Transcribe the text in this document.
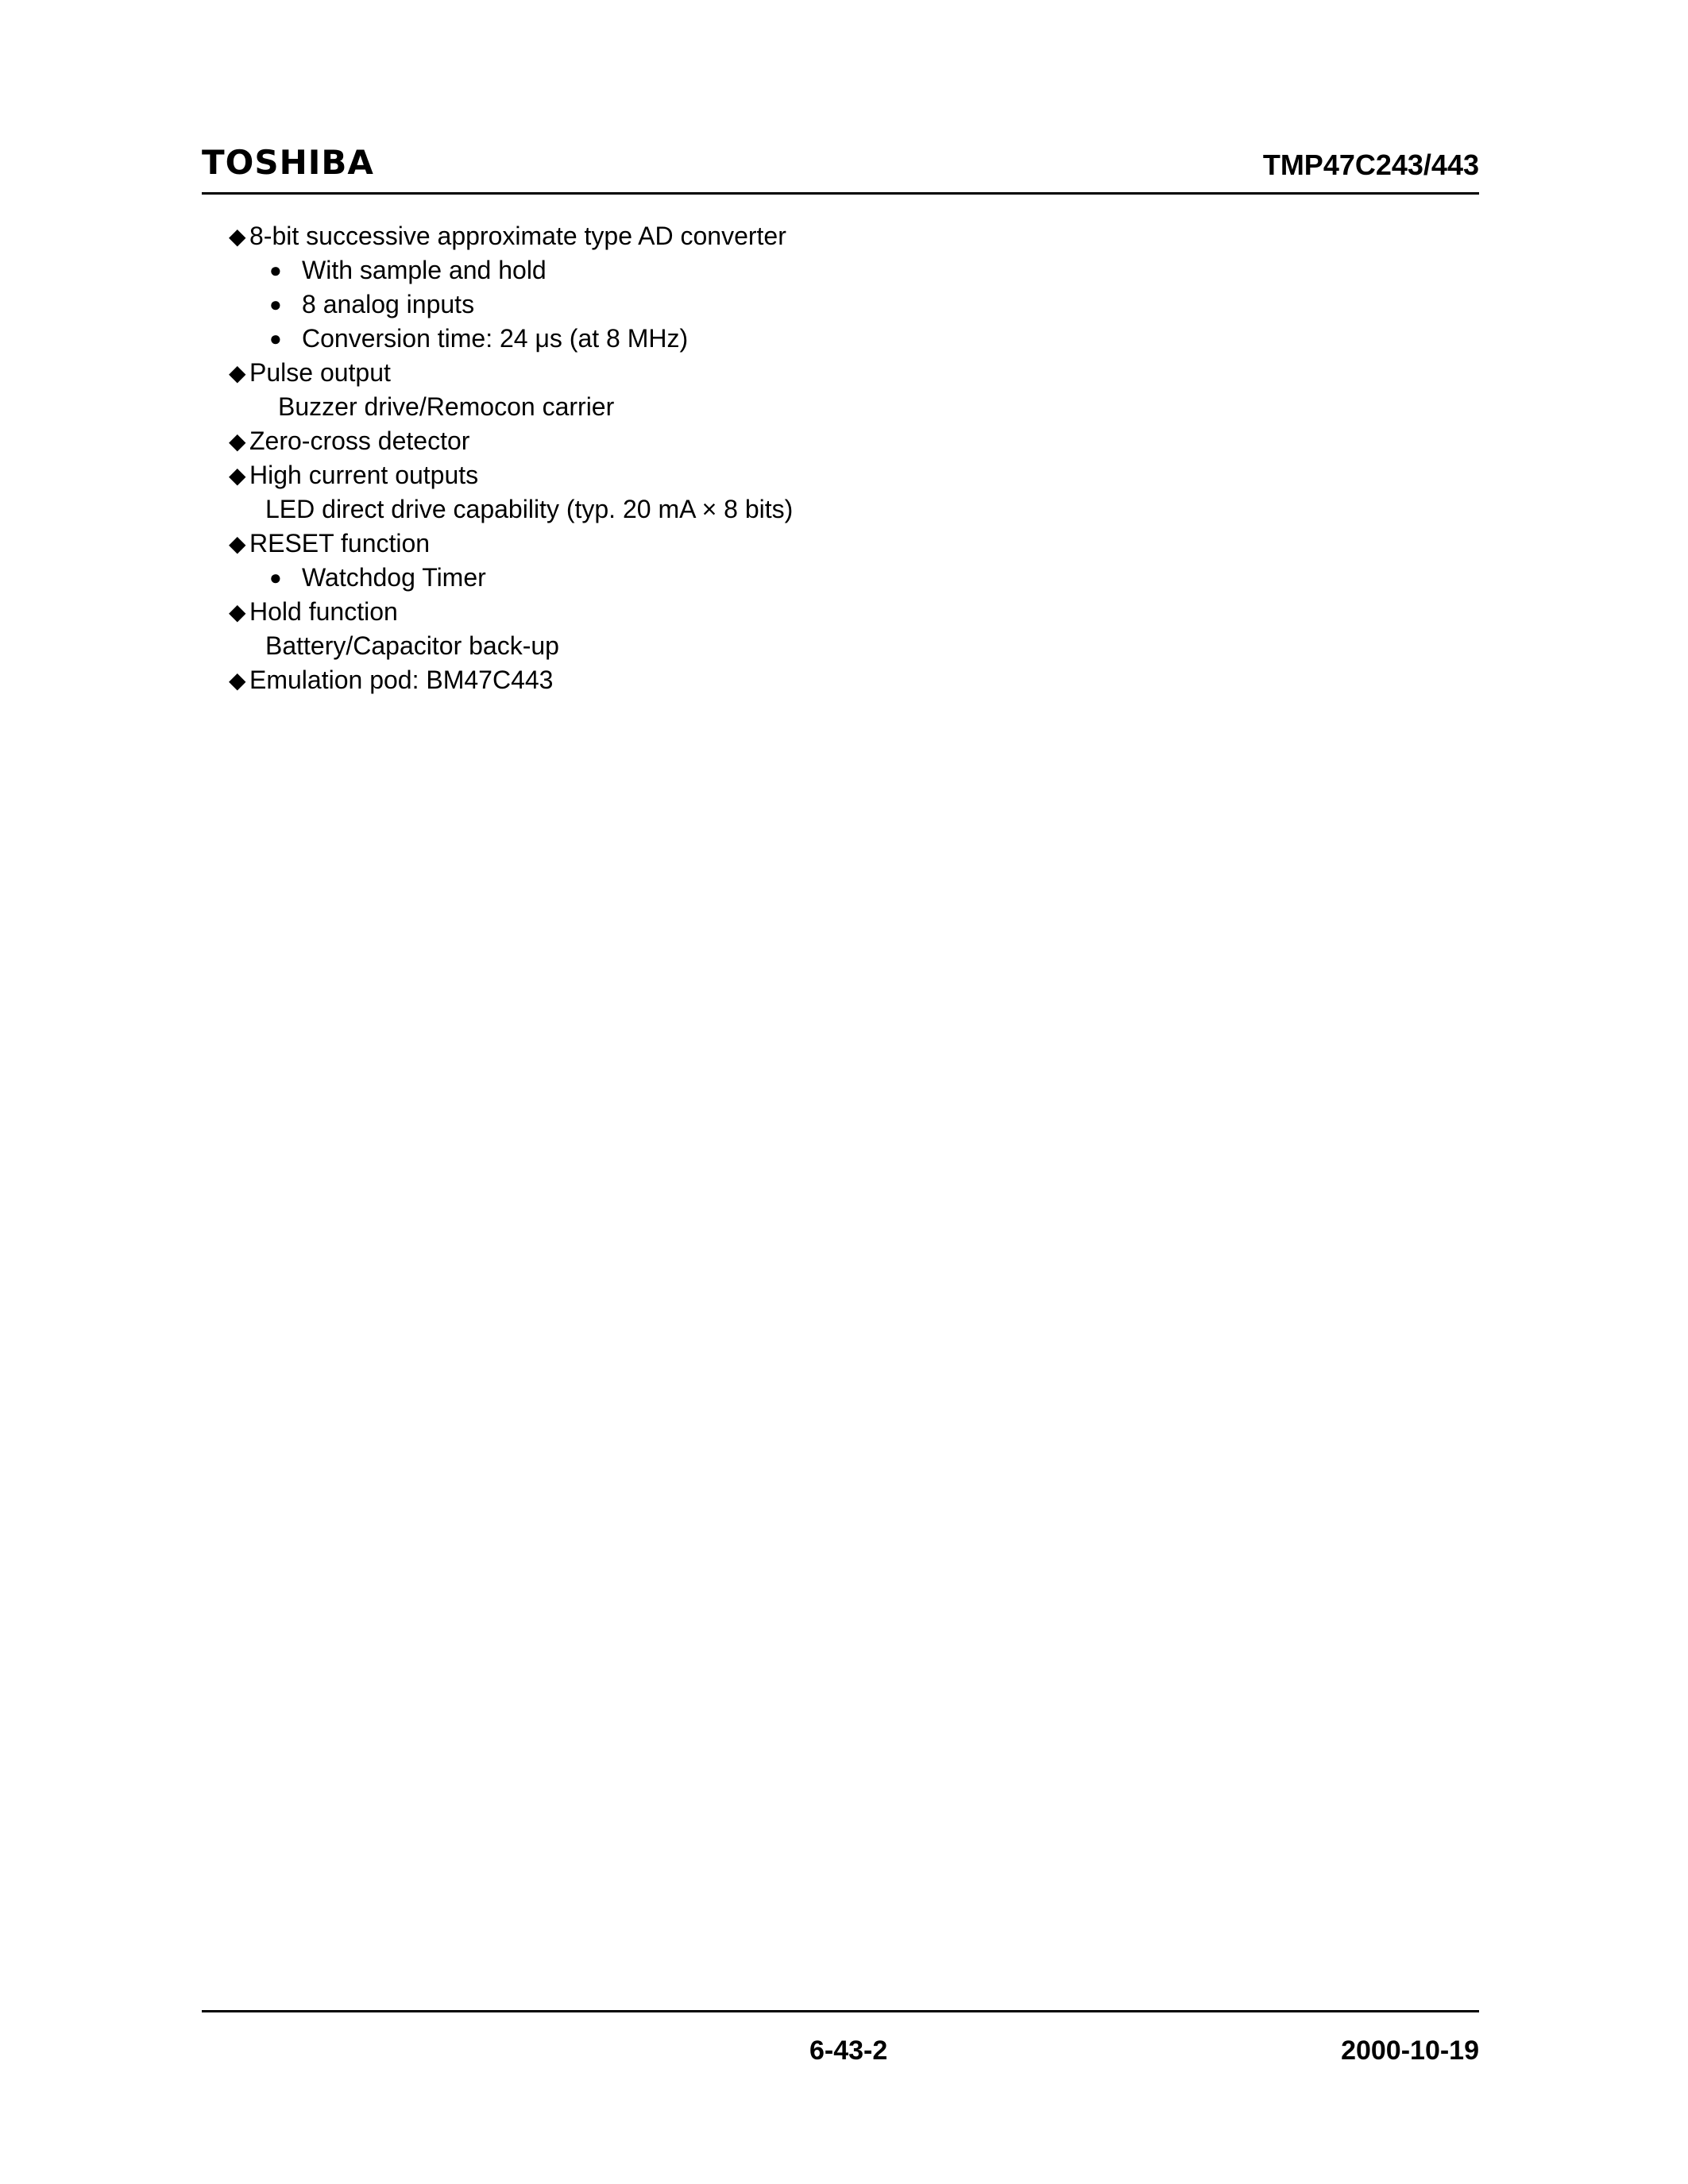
TOSHIBA	TMP47C243/443
◆ 8-bit successive approximate type AD converter
● With sample and hold
● 8 analog inputs
● Conversion time: 24 μs (at 8 MHz)
◆ Pulse output
Buzzer drive/Remocon carrier
◆ Zero-cross detector
◆ High current outputs
LED direct drive capability (typ. 20 mA × 8 bits)
◆ RESET function
● Watchdog Timer
◆ Hold function
Battery/Capacitor back-up
◆ Emulation pod: BM47C443
6-43-2	2000-10-19
